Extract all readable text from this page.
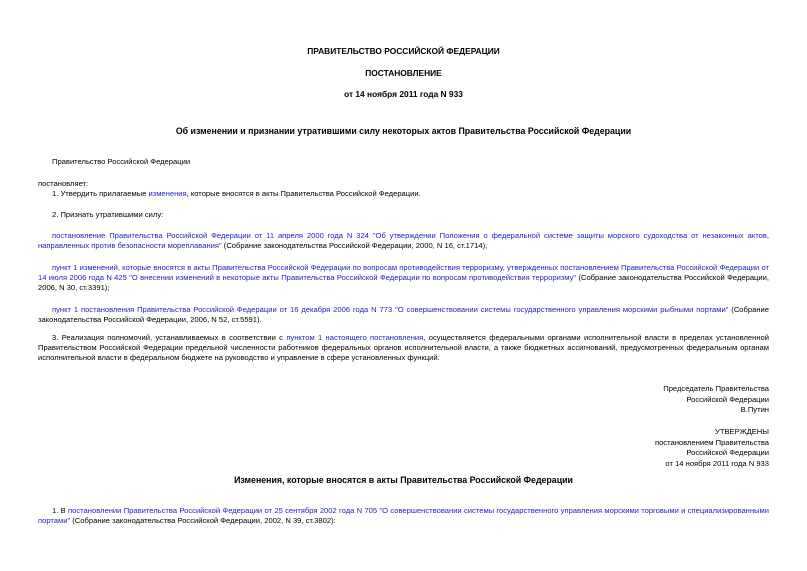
ПРАВИТЕЛЬСТВО РОССИЙСКОЙ ФЕДЕРАЦИИ
ПОСТАНОВЛЕНИЕ
от 14 ноября 2011 года N 933
Об изменении и признании утратившими силу некоторых актов Правительства Российской Федерации

Правительство Российской Федерации

постановляет:

1. Утвердить прилагаемые изменения, которые вносятся в акты Правительства Российской Федерации.

2. Признать утратившими силу:

постановление Правительства Российской Федерации от 11 апреля 2000 года N 324 "Об утверждении Положения о федеральной системе защиты морского судоходства от незаконных актов, направленных против безопасности мореплавания" (Собрание законодательства Российской Федерации, 2000, N 16, ст.1714);

пункт 1 изменений, которые вносятся в акты Правительства Российской Федерации по вопросам противодействия терроризму, утвержденных постановлением Правительства Российской Федерации от 14 июля 2006 года N 425 "О внесении изменений в некоторые акты Правительства Российской Федерации по вопросам противодействия терроризму" (Собрание законодательства Российской Федерации, 2006, N 30, ст.3391);

пункт 1 постановления Правительства Российской Федерации от 16 декабря 2006 года N 773 "О совершенствовании системы государственного управления морскими рыбными портами" (Собрание законодательства Российской Федерации, 2006, N 52, ст.5591).

3. Реализация полномочий, устанавливаемых в соответствии с пунктом 1 настоящего постановления, осуществляется федеральными органами исполнительной власти в пределах установленной Правительством Российской Федерации предельной численности работников федеральных органов исполнительной власти, а также бюджетных ассигнований, предусмотренных федеральным органам исполнительной власти в федеральном бюджете на руководство и управление в сфере установленных функций.

Председатель Правительства
Российской Федерации
В.Путин
УТВЕРЖДЕНЫ
постановлением Правительства
Российской Федерации
от 14 ноября 2011 года N 933
Изменения, которые вносятся в акты Правительства Российской Федерации

1. В постановлении Правительства Российской Федерации от 25 сентября 2002 года N 705 "О совершенствовании системы государственного управления морскими торговыми и специализированными портами" (Собрание законодательства Российской Федерации, 2002, N 39, ст.3802):
